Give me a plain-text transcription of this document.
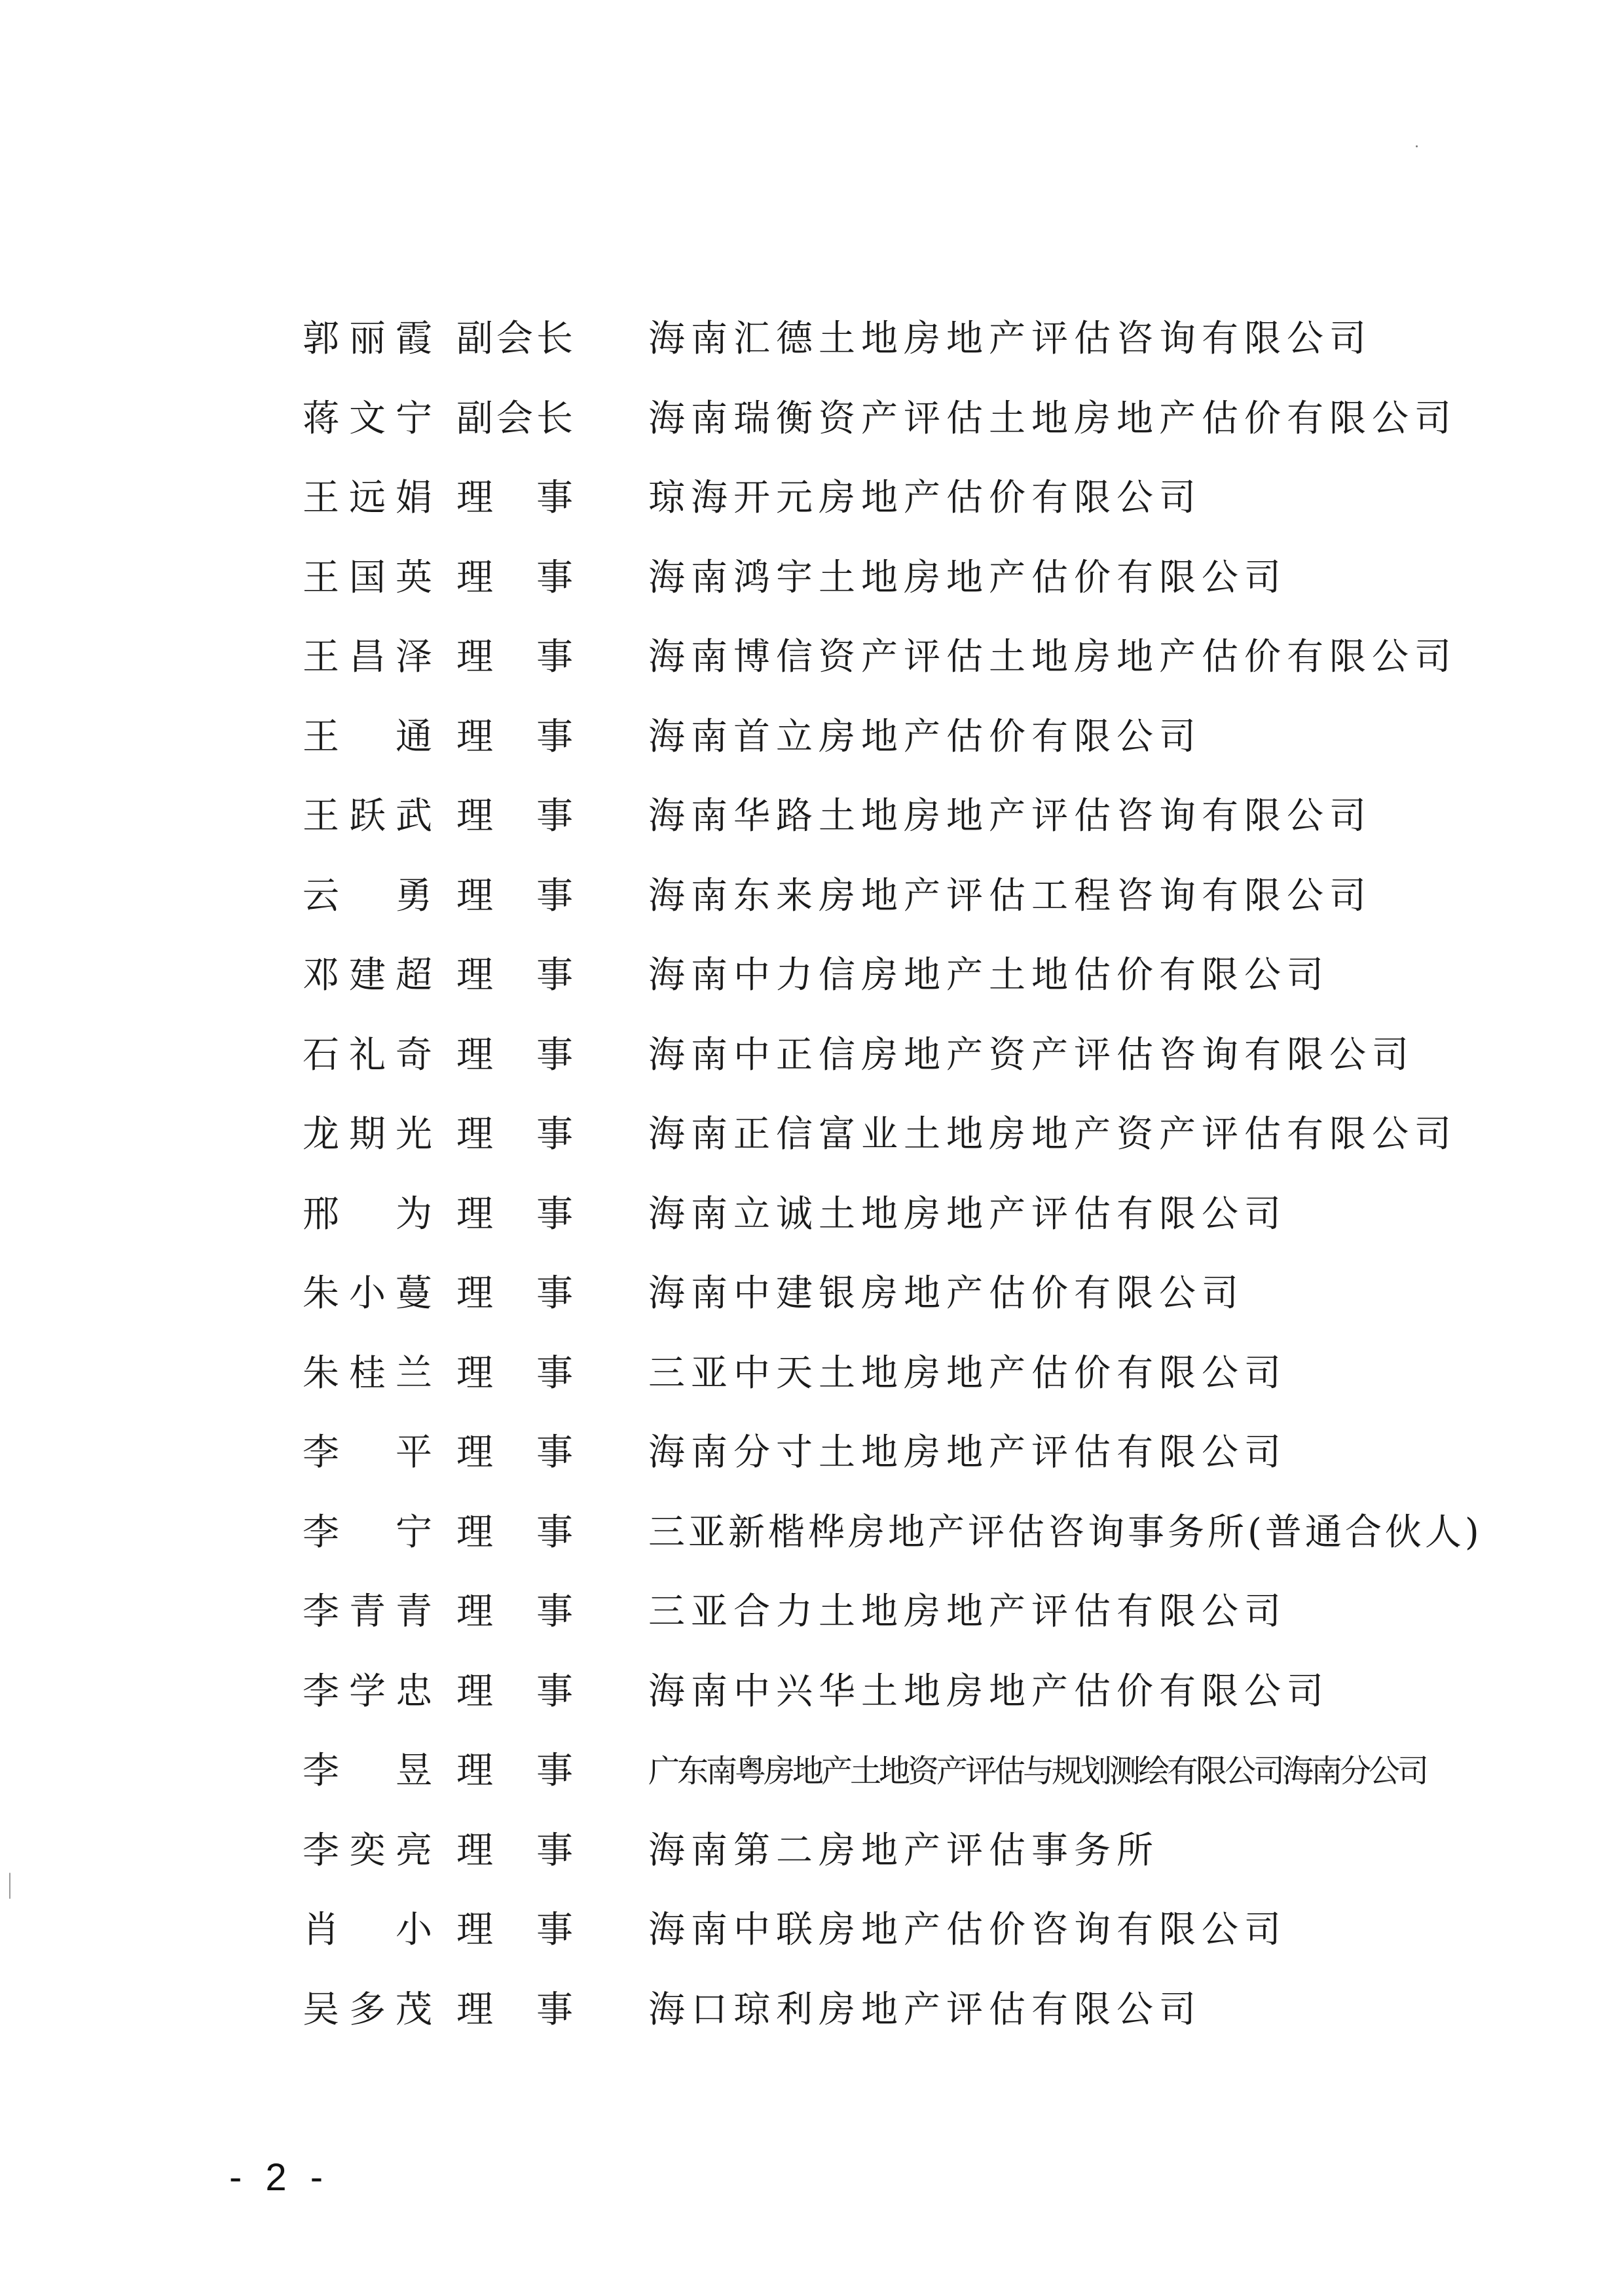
郭丽霞 副会长 海南汇德土地房地产评估咨询有限公司
蒋文宁 副会长 海南瑞衡资产评估土地房地产估价有限公司
王远娟 理事 琼海开元房地产估价有限公司
王国英 理事 海南鸿宇土地房地产估价有限公司
王昌泽 理事 海南博信资产评估土地房地产估价有限公司
王通 理事 海南首立房地产估价有限公司
王跃武 理事 海南华路土地房地产评估咨询有限公司
云勇 理事 海南东来房地产评估工程咨询有限公司
邓建超 理事 海南中力信房地产土地估价有限公司
石礼奇 理事 海南中正信房地产资产评估咨询有限公司
龙期光 理事 海南正信富业土地房地产资产评估有限公司
邢为 理事 海南立诚土地房地产评估有限公司
朱小蔓 理事 海南中建银房地产估价有限公司
朱桂兰 理事 三亚中天土地房地产估价有限公司
李平 理事 海南分寸土地房地产评估有限公司
李宁 理事 三亚新楷桦房地产评估咨询事务所(普通合伙人)
李青青 理事 三亚合力土地房地产评估有限公司
李学忠 理事 海南中兴华土地房地产估价有限公司
李昱 理事 广东南粤房地产土地资产评估与规划测绘有限公司海南分公司
李奕亮 理事 海南第二房地产评估事务所
肖小 理事 海南中联房地产估价咨询有限公司
吴多茂 理事 海口琼利房地产评估有限公司
- 2 -
